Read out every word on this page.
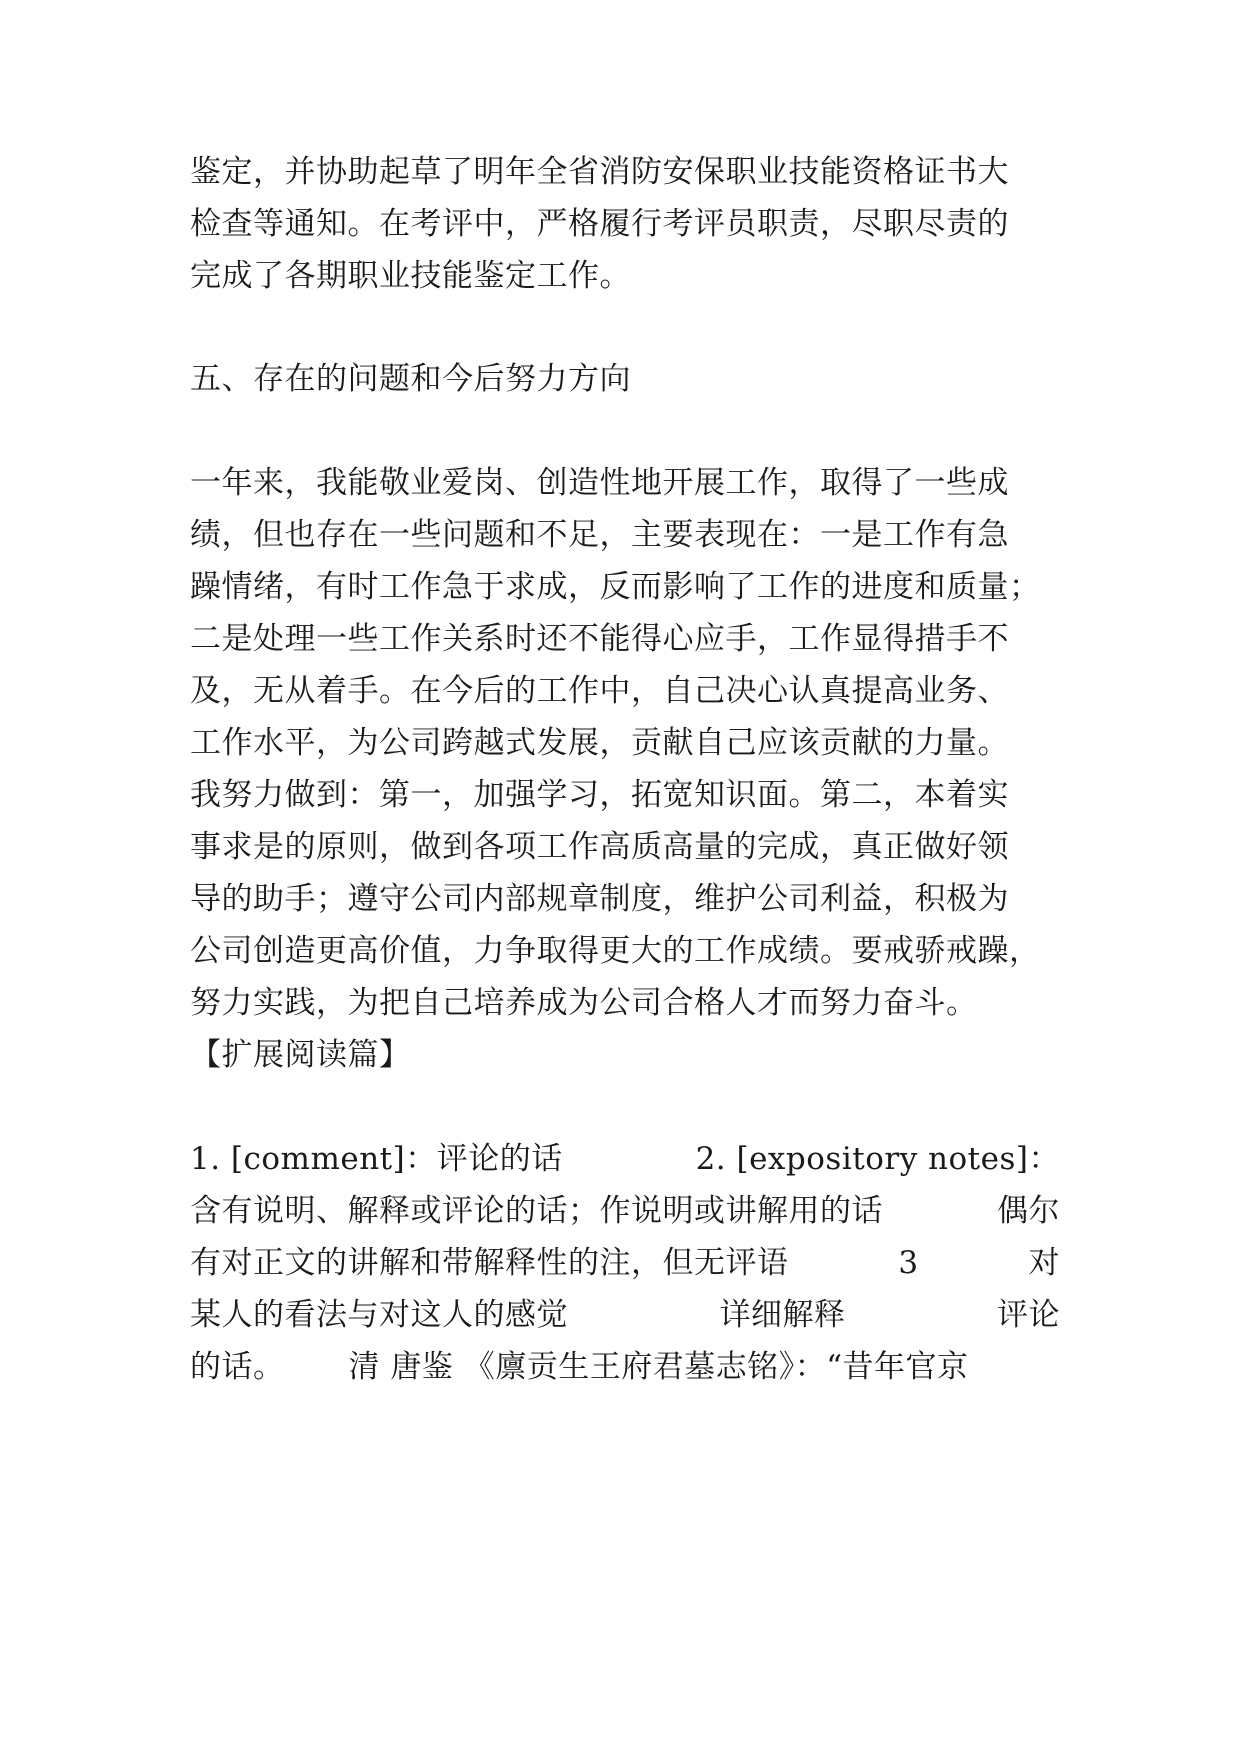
鉴定，并协助起草了明年全省消防安保职业技能资格证书大
检查等通知。在考评中，严格履行考评员职责，尽职尽责的
完成了各期职业技能鉴定工作。
五、存在的问题和今后努力方向
一年来，我能敬业爱岗、创造性地开展工作，取得了一些成
绩，但也存在一些问题和不足，主要表现在：一是工作有急
躁情绪，有时工作急于求成，反而影响了工作的进度和质量；
二是处理一些工作关系时还不能得心应手，工作显得措手不
及，无从着手。在今后的工作中，自己决心认真提高业务、
工作水平，为公司跨越式发展，贡献自己应该贡献的力量。
我努力做到：第一，加强学习，拓宽知识面。第二，本着实
事求是的原则，做到各项工作高质高量的完成，真正做好领
导的助手；遵守公司内部规章制度，维护公司利益，积极为
公司创造更高价值，力争取得更大的工作成绩。要戒骄戒躁，
努力实践，为把自己培养成为公司合格人才而努力奋斗。
【扩展阅读篇】
1. [comment]：评论的话	2. [expository notes]：
含有说明、解释或评论的话；作说明或讲解用的话	偶尔
有对正文的讲解和带解释性的注，但无评语	3	对
某人的看法与对这人的感觉	详细解释	评论
的话。 清 唐鉴 《廪贡生王府君墓志铭》：“昔年官京
